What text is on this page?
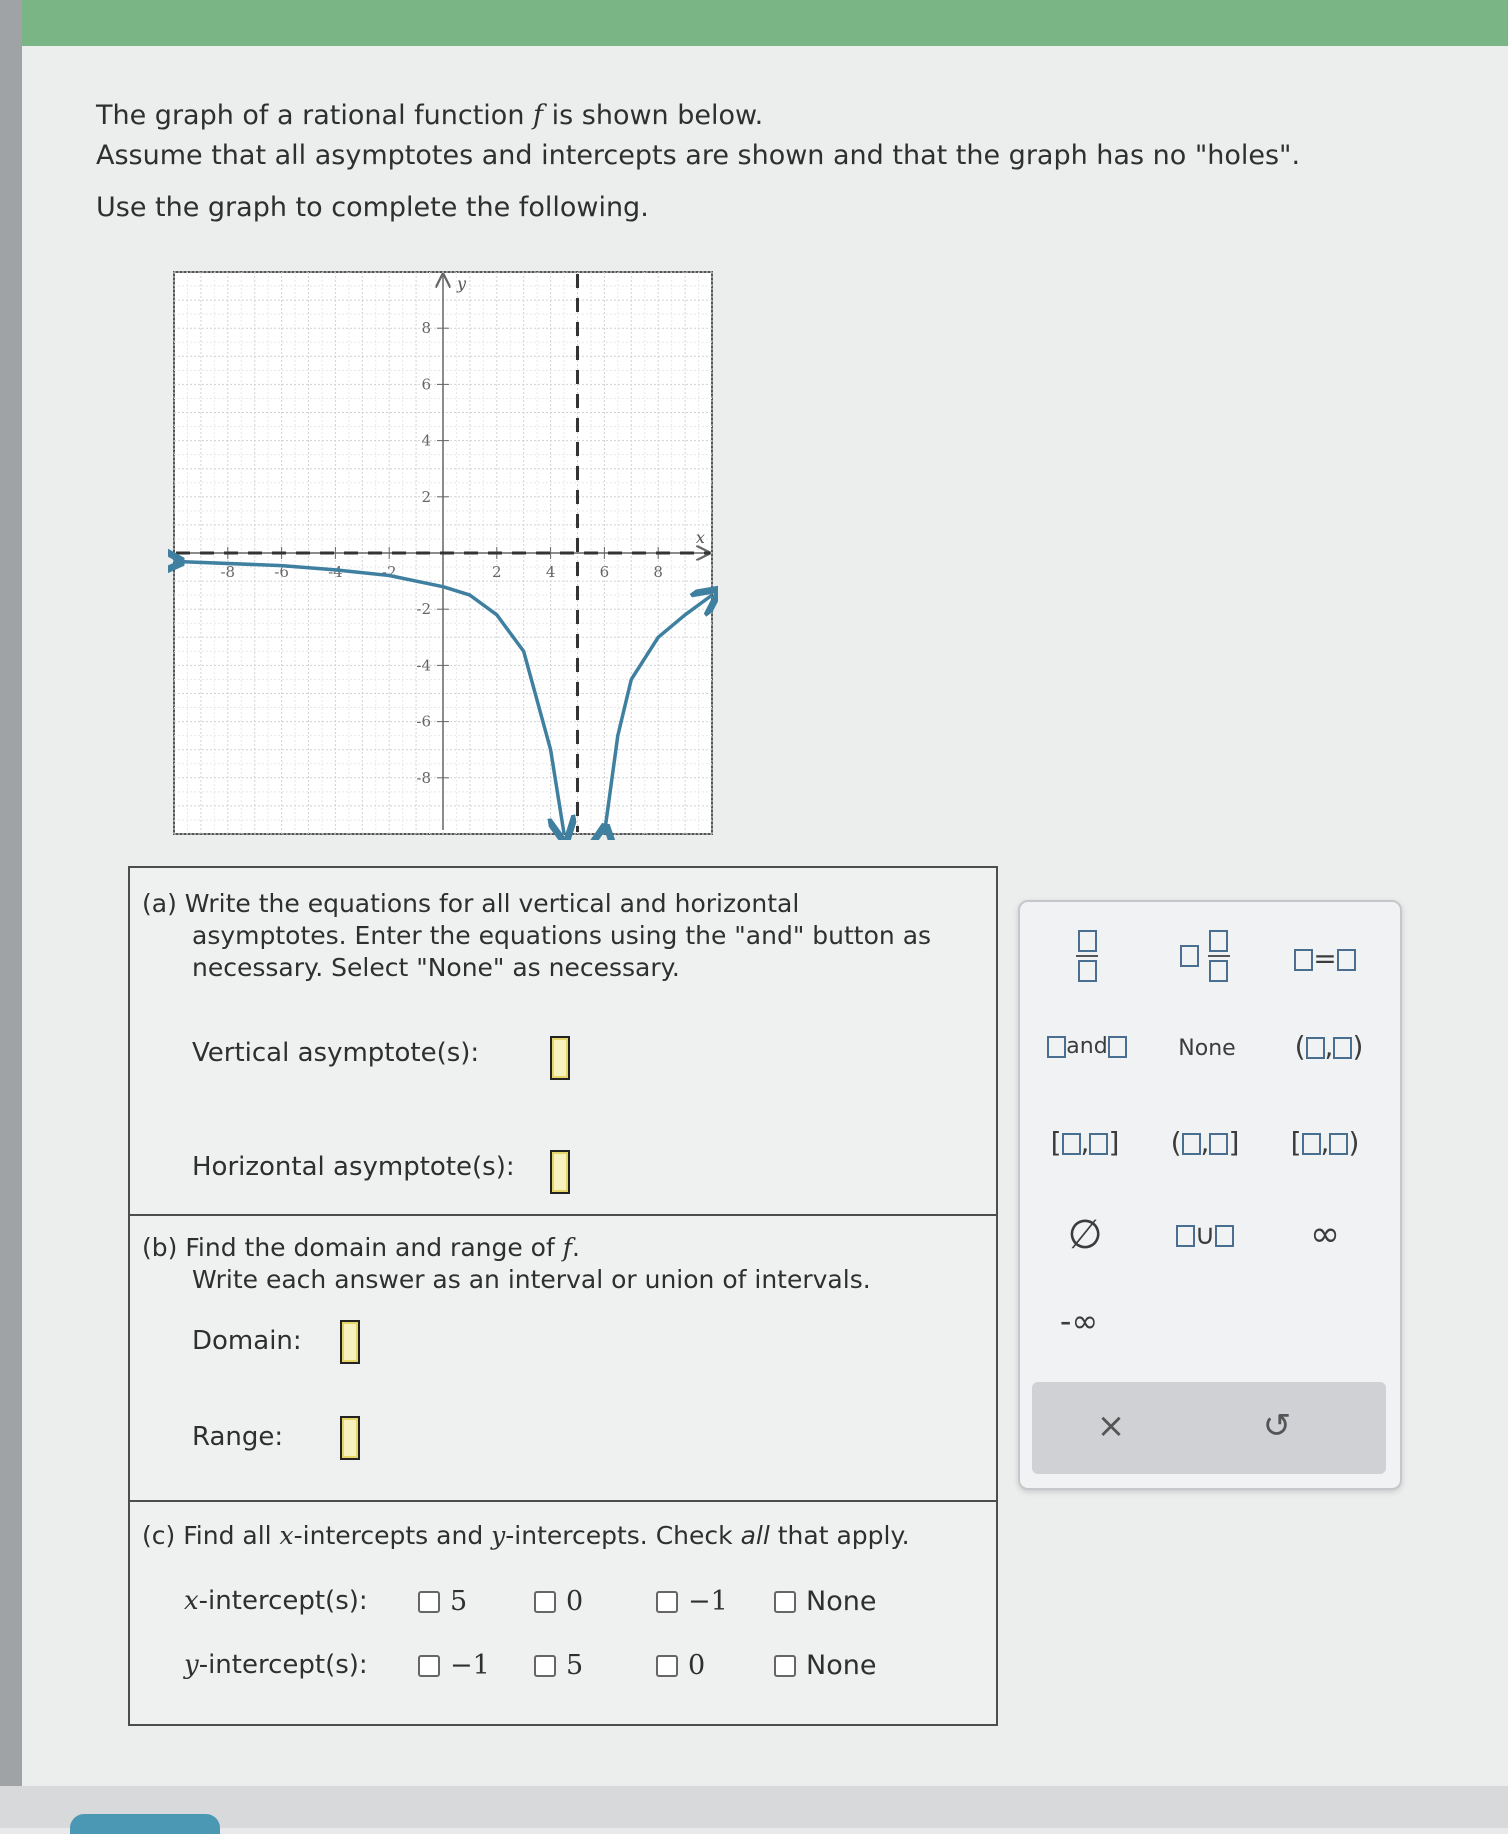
The graph of a rational function f is shown below.

Assume that all asymptotes and intercepts are shown and that the graph has no "holes".

Use the graph to complete the following.

-8	-6	-4	-2	2	4	6	8
8
6
4
2
-2
-4
-6
-8
x
y
(a) Write the equations for all vertical and horizontal
asymptotes. Enter the equations using the "and" button as
necessary. Select "None" as necessary.
Vertical asymptote(s):
Horizontal asymptote(s):
(b) Find the domain and range of f.
Write each answer as an interval or union of intervals.
Domain:
Range:
(c) Find all x-intercepts and y-intercepts. Check all that apply.
x-intercept(s):	5	0	−1	None
y-intercept(s):	−1	5	0	None

=
and	None	( , )
[ , ]	( , ]	[ , )
∅	∪	∞
-∞
×	↺
